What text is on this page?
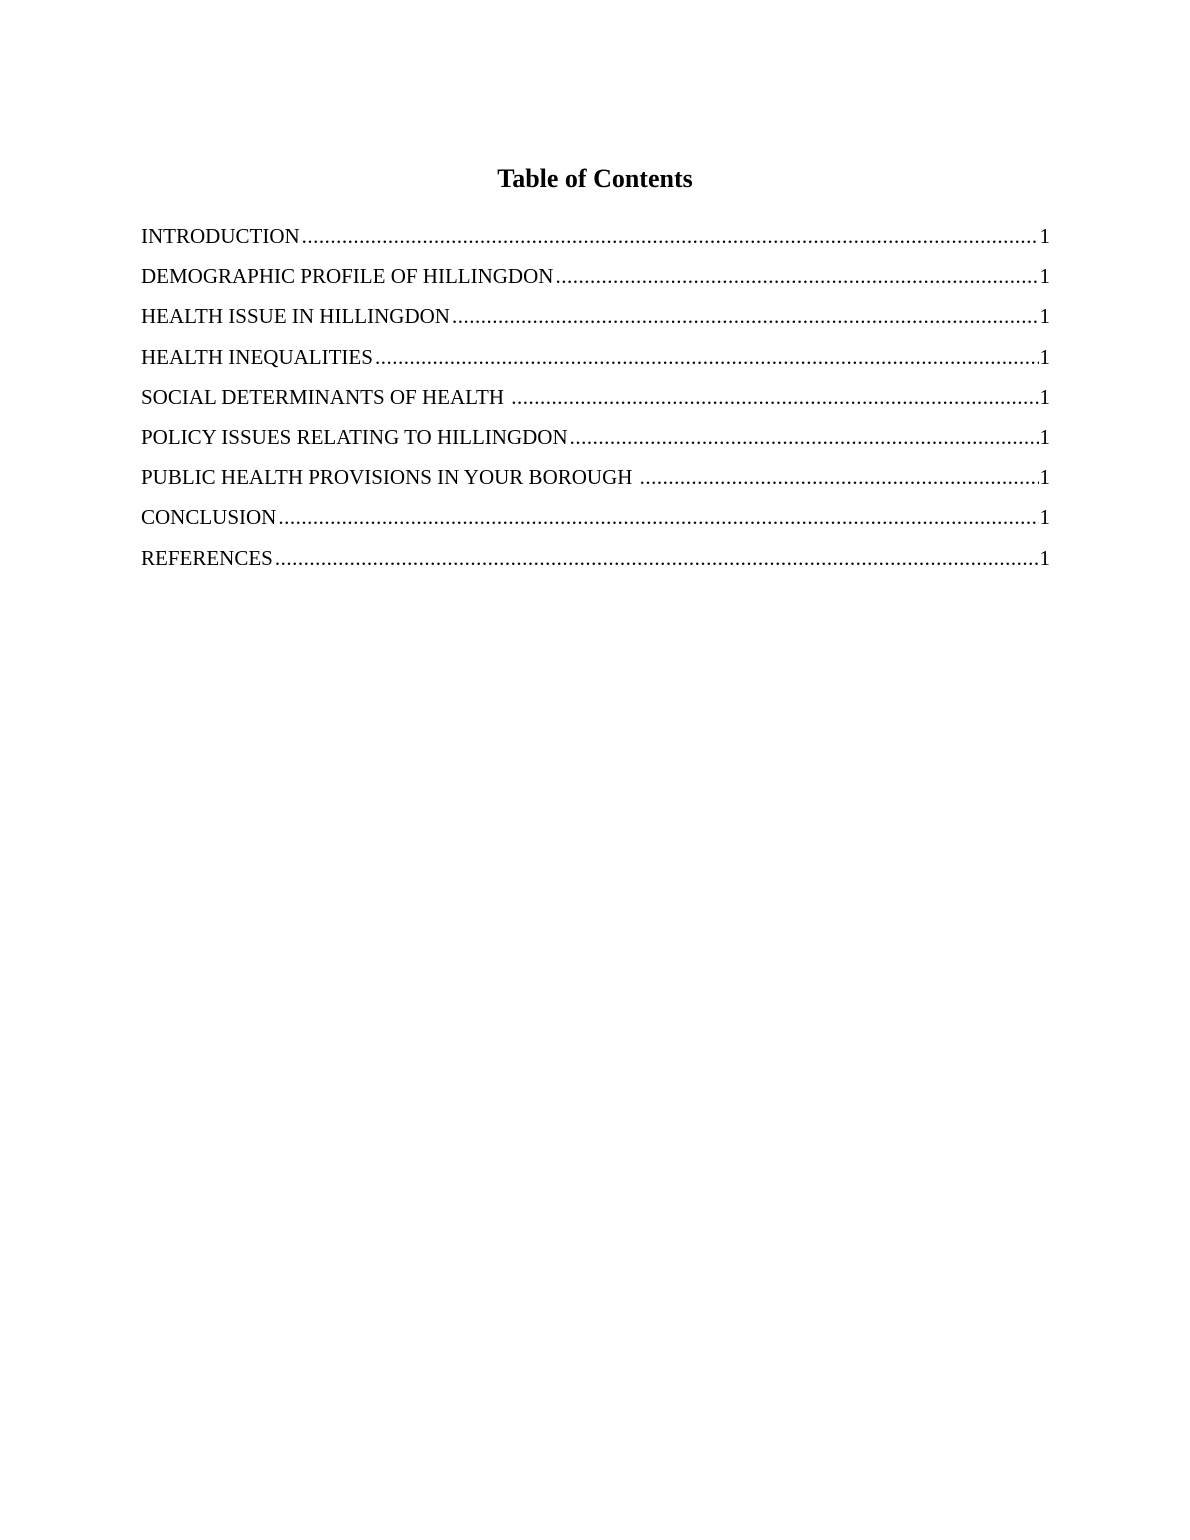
Table of Contents
INTRODUCTION .....	1
DEMOGRAPHIC PROFILE OF HILLINGDON .....	1
HEALTH ISSUE IN HILLINGDON .....	1
HEALTH INEQUALITIES .....	1
SOCIAL DETERMINANTS OF HEALTH .....	1
POLICY ISSUES RELATING TO HILLINGDON .....	1
PUBLIC HEALTH PROVISIONS IN YOUR BOROUGH .....	1
CONCLUSION .....	1
REFERENCES .....	1
